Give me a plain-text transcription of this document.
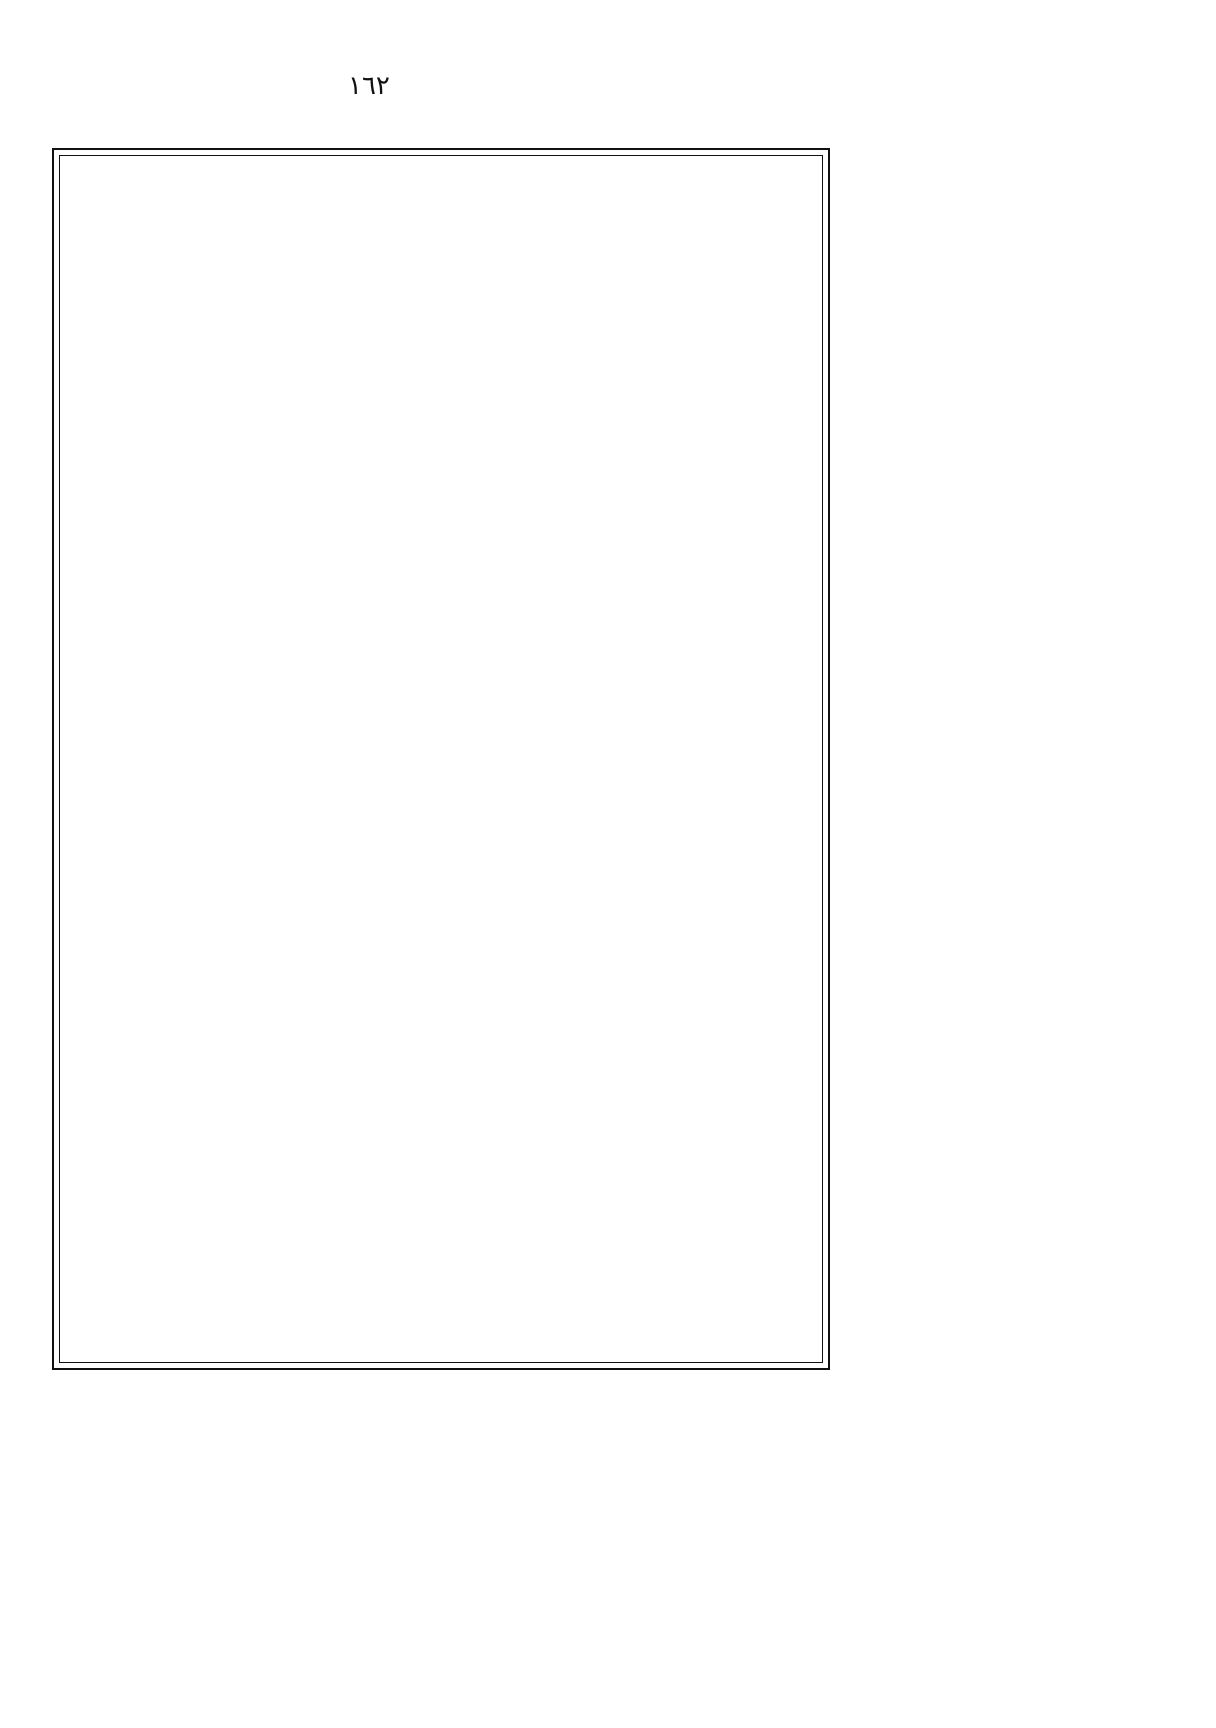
١٦٢
